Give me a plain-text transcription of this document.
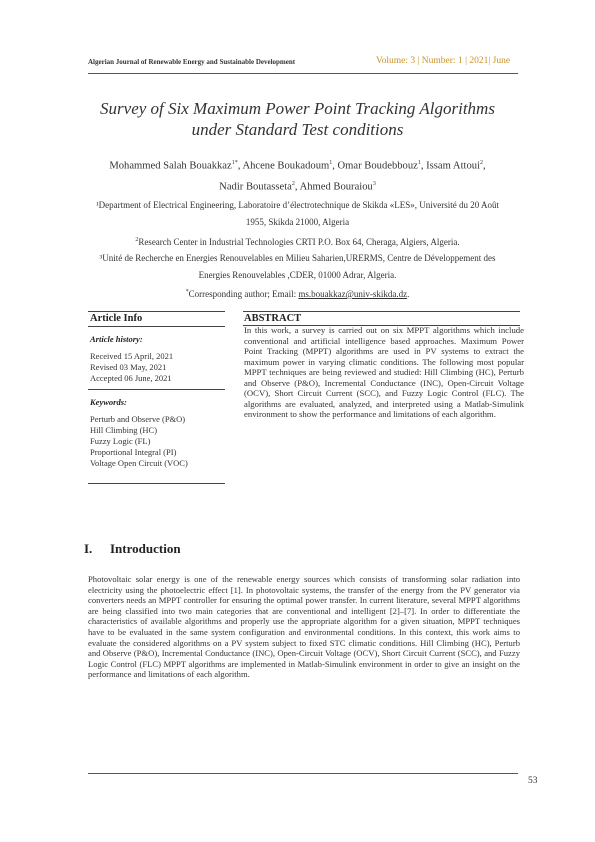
Algerian Journal of Renewable Energy and Sustainable Development	Volume: 3 | Number: 1 | 2021| June
Survey of Six Maximum Power Point Tracking Algorithms
under Standard Test conditions
Mohammed Salah Bouakkaz$^{1*}$, Ahcene Boukadoum$^1$, Omar Boudebbouz$^1$, Issam Attoui$^2$,
Nadir Boutasseta$^2$, Ahmed Bouraiou$^3$
¹Department of Electrical Engineering, Laboratoire d’électrotechnique de Skikda «LES», Université du 20 Août
1955, Skikda 21000, Algeria
$^2$Research Center in Industrial Technologies CRTI P.O. Box 64, Cheraga, Algiers, Algeria.
³Unité de Recherche en Energies Renouvelables en Milieu Saharien,URERMS, Centre de Développement des
Energies Renouvelables ,CDER, 01000 Adrar, Algeria.
*Corresponding author; Email: ms.bouakkaz@univ-skikda.dz.
Article Info
Article history:
Received 15 April, 2021
Revised 03 May, 2021
Accepted 06 June, 2021
Keywords:
Perturb and Observe (P&O)
Hill Climbing (HC)
Fuzzy Logic (FL)
Proportional Integral (PI)
Voltage Open Circuit (VOC)
ABSTRACT
In this work, a survey is carried out on six MPPT algorithms which include conventional and artificial intelligence based approaches. Maximum Power Point Tracking (MPPT) algorithms are used in PV systems to extract the maximum power in varying climatic conditions. The following most popular MPPT techniques are being reviewed and studied: Hill Climbing (HC), Perturb and Observe (P&O), Incremental Conductance (INC), Open-Circuit Voltage (OCV), Short Circuit Current (SCC), and Fuzzy Logic Control (FLC). The algorithms are evaluated, analyzed, and interpreted using a Matlab-Simulink environment to show the performance and limitations of each algorithm.
I. Introduction
Photovoltaic solar energy is one of the renewable energy sources which consists of transforming solar radiation into electricity using the photoelectric effect [1]. In photovoltaic systems, the transfer of the energy from the PV generator via converters needs an MPPT controller for ensuring the optimal power transfer. In current literature, several MPPT algorithms are being classified into two main categories that are conventional and intelligent [2]–[7]. In order to differentiate the characteristics of available algorithms and properly use the appropriate algorithm for a given situation, MPPT techniques have to be evaluated in the same system configuration and environmental conditions. In this context, this work aims to evaluate the considered algorithms on a PV system subject to fixed STC climatic conditions. Hill Climbing (HC), Perturb and Observe (P&O), Incremental Conductance (INC), Open-Circuit Voltage (OCV), Short Circuit Current (SCC), and Fuzzy Logic Control (FLC) MPPT algorithms are implemented in Matlab-Simulink environment in order to give an insight on the performance and limitations of each algorithm.
53
